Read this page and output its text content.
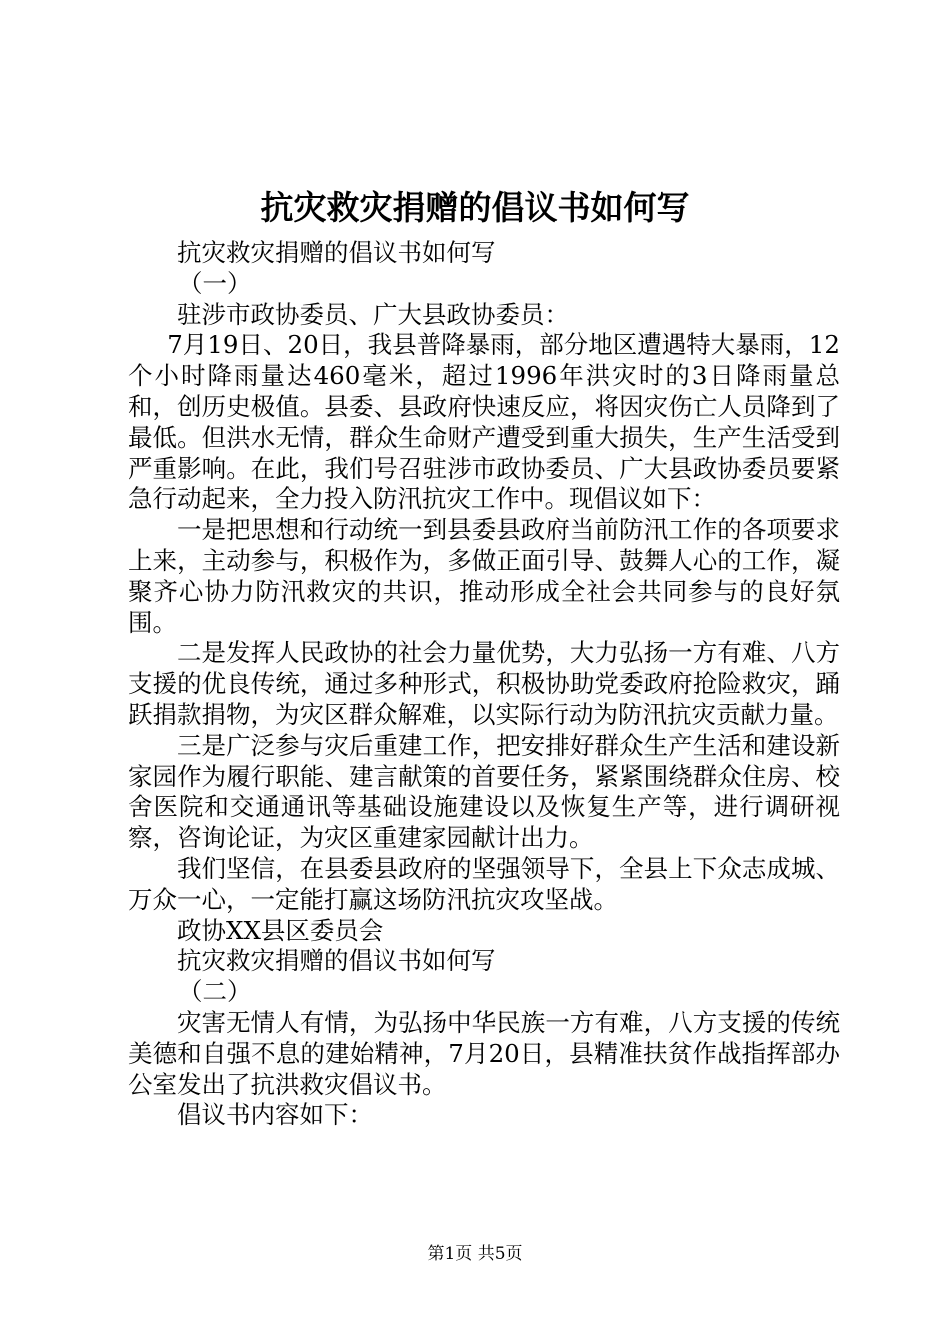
抗灾救灾捐赠的倡议书如何写

抗灾救灾捐赠的倡议书如何写

（一）

驻涉市政协委员、广大县政协委员：

7月19日、20日，我县普降暴雨，部分地区遭遇特大暴雨，12个小时降雨量达460毫米，超过1996年洪灾时的3日降雨量总和，创历史极值。县委、县政府快速反应，将因灾伤亡人员降到了最低。但洪水无情，群众生命财产遭受到重大损失，生产生活受到严重影响。在此，我们号召驻涉市政协委员、广大县政协委员要紧急行动起来，全力投入防汛抗灾工作中。现倡议如下：

一是把思想和行动统一到县委县政府当前防汛工作的各项要求上来，主动参与，积极作为，多做正面引导、鼓舞人心的工作，凝聚齐心协力防汛救灾的共识，推动形成全社会共同参与的良好氛围。

二是发挥人民政协的社会力量优势，大力弘扬一方有难、八方支援的优良传统，通过多种形式，积极协助党委政府抢险救灾，踊跃捐款捐物，为灾区群众解难，以实际行动为防汛抗灾贡献力量。

三是广泛参与灾后重建工作，把安排好群众生产生活和建设新家园作为履行职能、建言献策的首要任务，紧紧围绕群众住房、校舍医院和交通通讯等基础设施建设以及恢复生产等，进行调研视察，咨询论证，为灾区重建家园献计出力。

我们坚信，在县委县政府的坚强领导下，全县上下众志成城、万众一心，一定能打赢这场防汛抗灾攻坚战。

政协XX县区委员会

抗灾救灾捐赠的倡议书如何写

（二）

灾害无情人有情，为弘扬中华民族一方有难，八方支援的传统美德和自强不息的建始精神，7月20日，县精准扶贫作战指挥部办公室发出了抗洪救灾倡议书。

倡议书内容如下：

第1页 共5页
